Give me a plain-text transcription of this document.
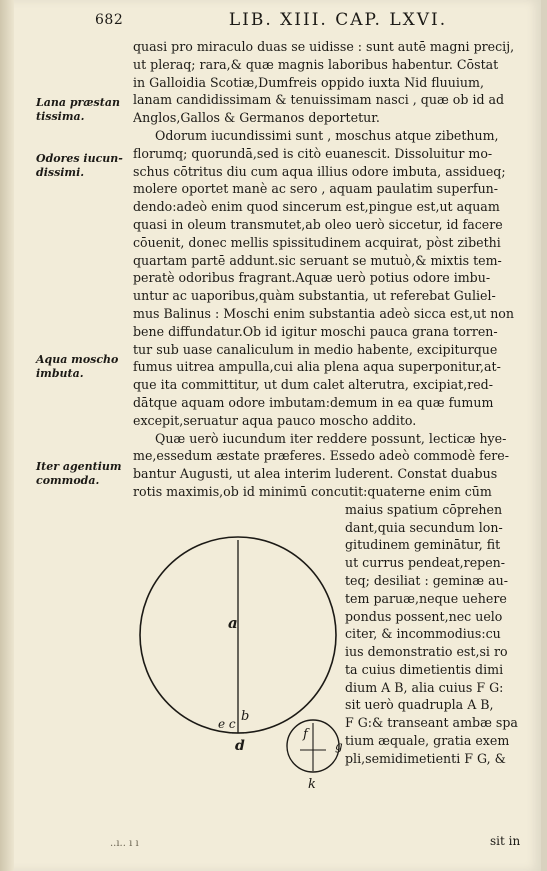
682	LIB. XIII. CAP. LXVI.
Lana præstan tissima.
Odores iucun- dissimi.
Aqua moscho imbuta.
Iter agentium commoda.
quasi pro miraculo duas se uidisse : sunt autē magni precij,
ut pleraq; rara,& quæ magnis laboribus habentur. Cōstat
in Galloidia Scotiæ,Dumfreis oppido iuxta Nid fluuium,
lanam candidissimam & tenuissimam nasci , quæ ob id ad
Anglos,Gallos & Germanos deportetur.
Odorum iucundissimi sunt , moschus atque zibethum,
florumq; quorundā,sed is citò euanescit. Dissoluitur mo-
schus cōtritus diu cum aqua illius odore imbuta, assidueq;
molere oportet manè ac sero , aquam paulatim superfun-
dendo:adeò enim quod sincerum est,pingue est,ut aquam
quasi in oleum transmutet,ab oleo uerò siccetur, id facere
cōuenit, donec mellis spissitudinem acquirat, pòst zibethi
quartam partē addunt.sic seruant se mutuò,& mixtis tem-
peratè odoribus fragrant.Aquæ uerò potius odore imbu-
untur ac uaporibus,quàm substantia, ut referebat Guliel-
mus Balinus : Moschi enim substantia adeò sicca est,ut non
bene diffundatur.Ob id igitur moschi pauca grana torren-
tur sub uase canaliculum in medio habente, excipiturque
fumus uitrea ampulla,cui alia plena aqua superponitur,at-
que ita committitur, ut dum calet alterutra, excipiat,red-
dātque aquam odore imbutam:demum in ea quæ fumum
excepit,seruatur aqua pauco moscho addito.
Quæ uerò iucundum iter reddere possunt, lecticæ hye-
me,essedum æstate præferes. Essedo adeò commodè fere-
bantur Augusti, ut alea interim luderent. Constat duabus
rotis maximis,ob id minimū concutit:quaterne enim cūm
maius spatium cōprehen
dant,quia secundum lon-
gitudinem geminātur, fit
ut currus pendeat,repen-
teq; desiliat : geminæ au-
tem paruæ,neque uehere
pondus possent,nec uelo
citer, & incommodius:cu
ius demonstratio est,si ro
ta cuius dimetientis dimi
dium A B, alia cuius F G:
sit uerò quadrupla A B,
F G:& transeant ambæ spa
tium æquale, gratia exem
pli,semidimetienti F G, &
a
e c b
d
f
g
k
..ı.. ı ı	sit in
